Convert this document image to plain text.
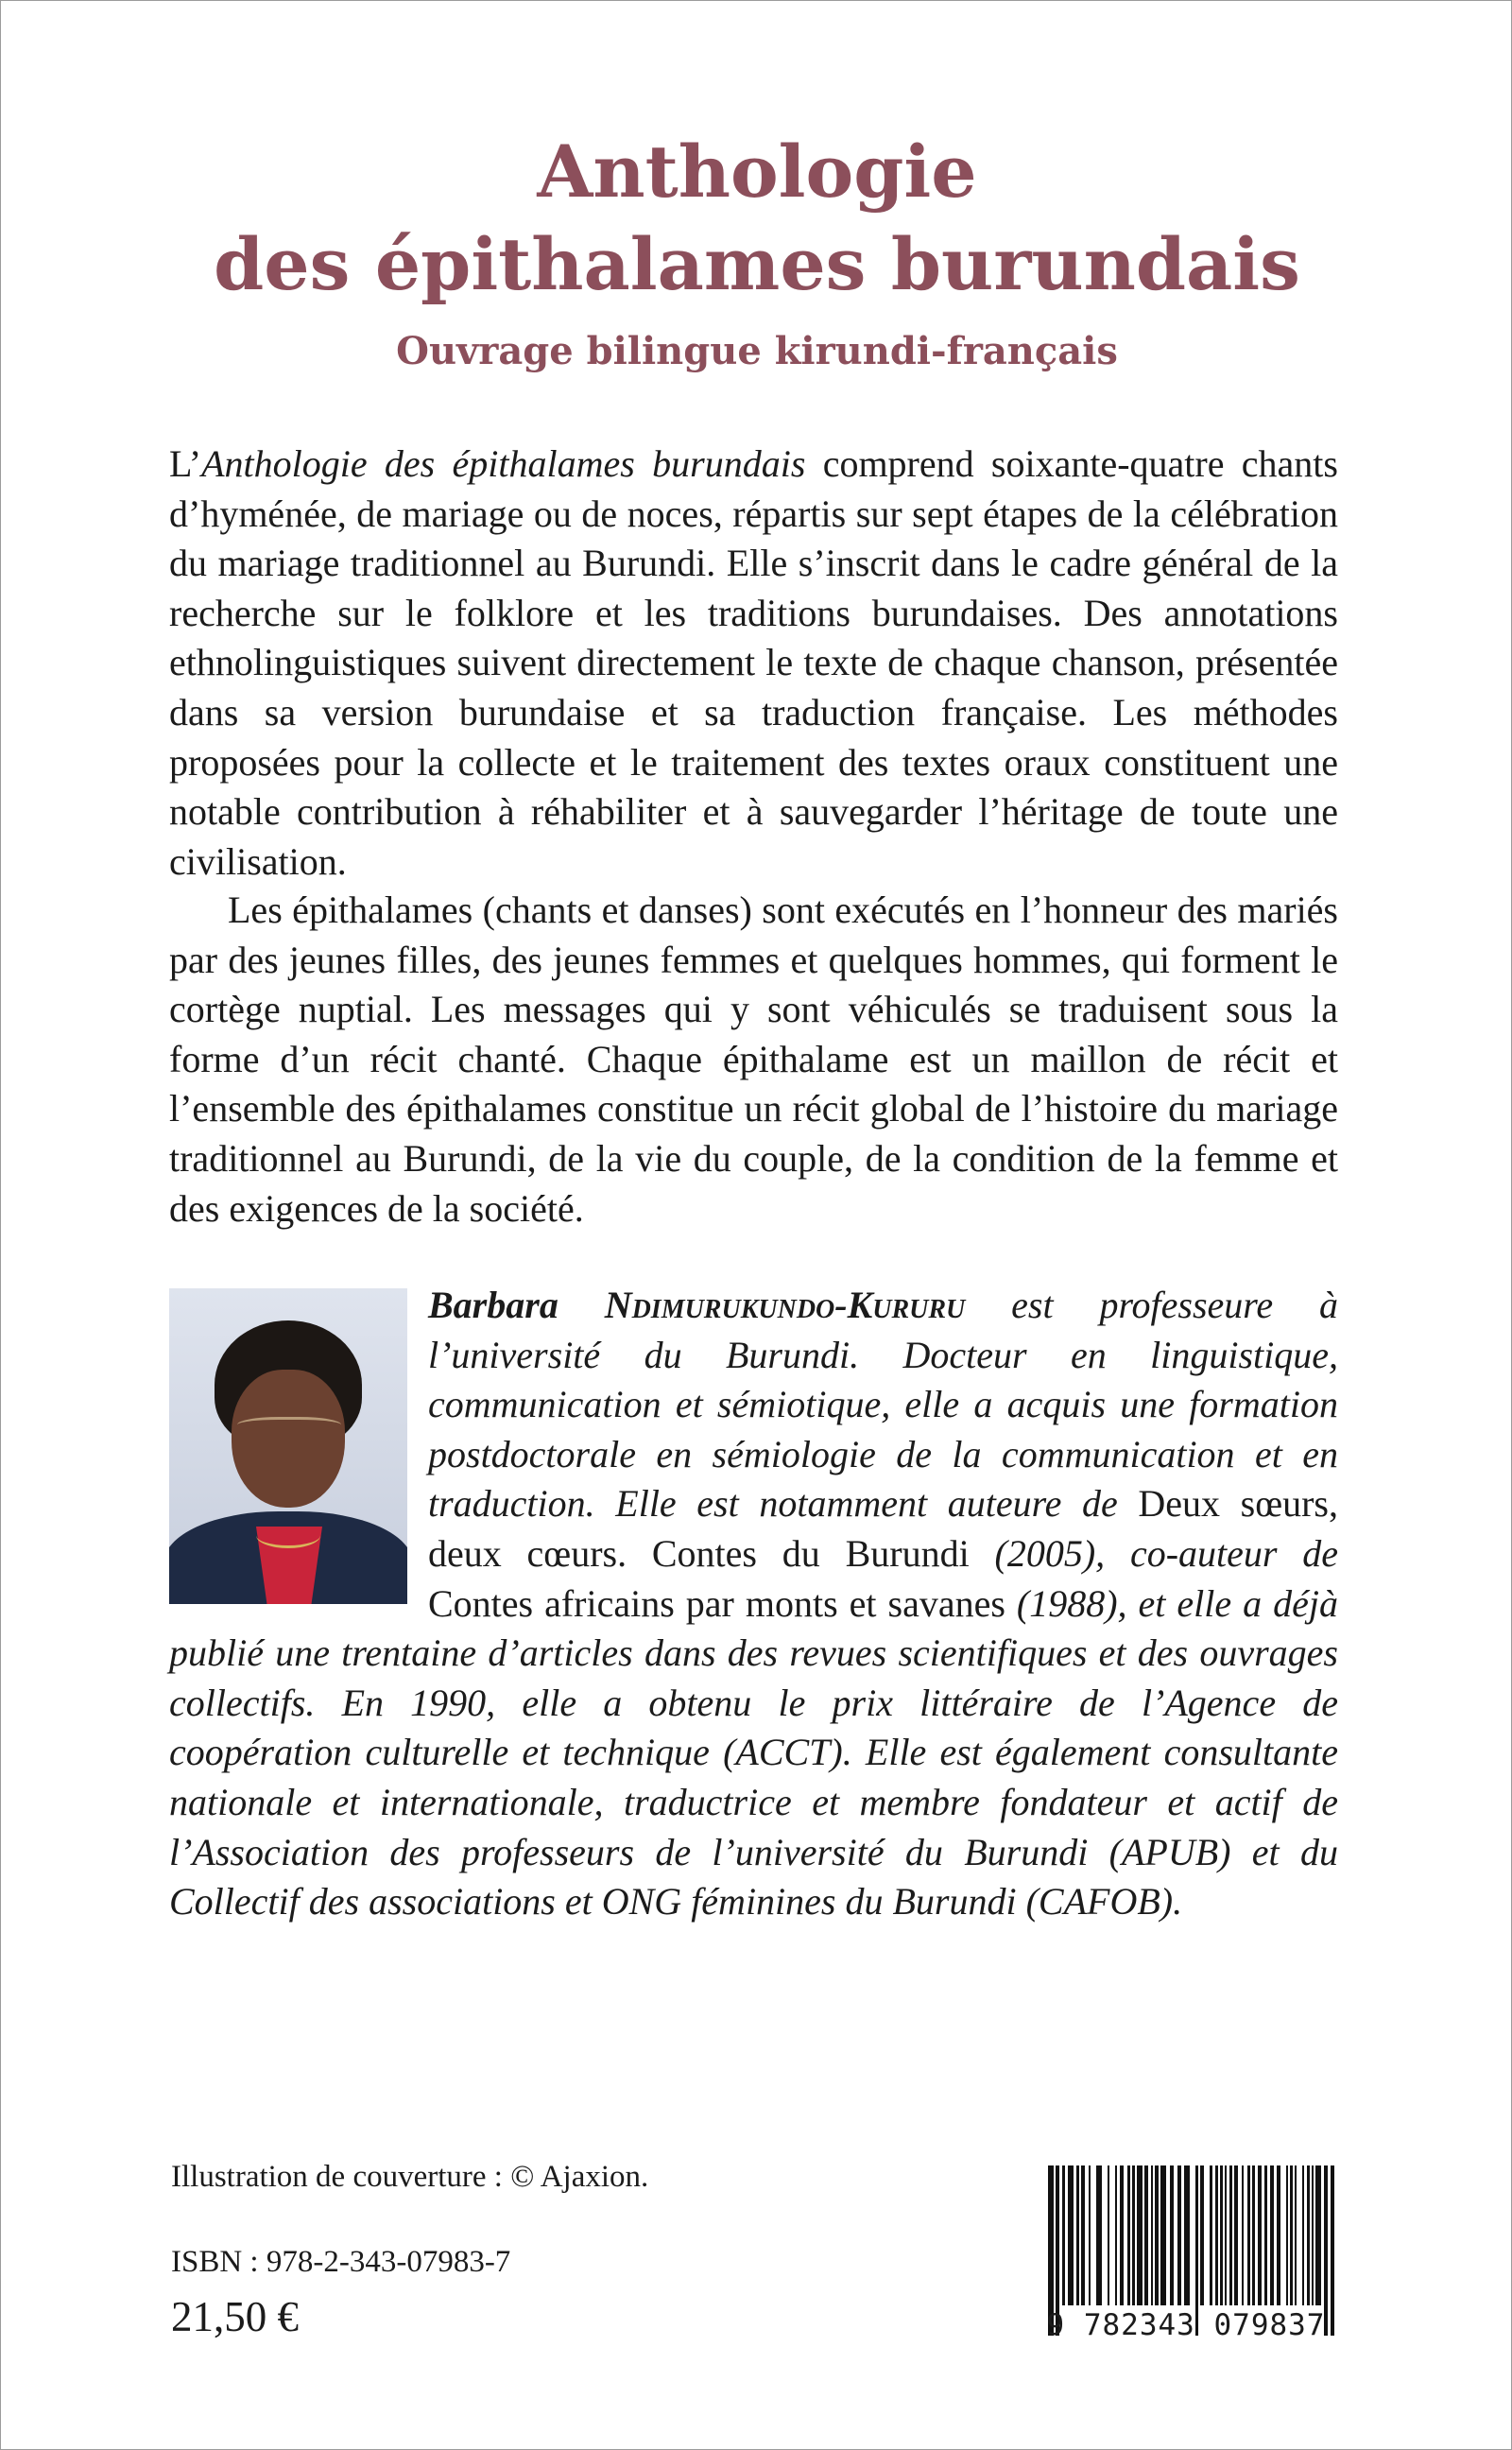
Anthologie
des épithalames burundais
Ouvrage bilingue kirundi-français
L’Anthologie des épithalames burundais comprend soixante-quatre chants d’hyménée, de mariage ou de noces, répartis sur sept étapes de la célébration du mariage traditionnel au Burundi. Elle s’inscrit dans le cadre général de la recherche sur le folklore et les traditions burundaises. Des annotations ethnolinguistiques suivent directement le texte de chaque chanson, présentée dans sa version burundaise et sa traduction française. Les méthodes proposées pour la collecte et le traitement des textes oraux constituent une notable contribution à réhabiliter et à sauvegarder l’héritage de toute une civilisation.
Les épithalames (chants et danses) sont exécutés en l’honneur des mariés par des jeunes filles, des jeunes femmes et quelques hommes, qui forment le cortège nuptial. Les messages qui y sont véhiculés se traduisent sous la forme d’un récit chanté. Chaque épithalame est un maillon de récit et l’ensemble des épithalames constitue un récit global de l’histoire du mariage traditionnel au Burundi, de la vie du couple, de la condition de la femme et des exigences de la société.
Barbara Ndimurukundo-Kururu est professeure à l’université du Burundi. Docteur en linguistique, communication et sémiotique, elle a acquis une formation postdoctorale en sémiologie de la communication et en traduction. Elle est notamment auteure de Deux sœurs, deux cœurs. Contes du Burundi (2005), co-auteur de Contes africains par monts et savanes (1988), et elle a déjà publié une trentaine d’articles dans des revues scientifiques et des ouvrages collectifs. En 1990, elle a obtenu le prix littéraire de l’Agence de coopération culturelle et technique (ACCT). Elle est également consultante nationale et internationale, traductrice et membre fondateur et actif de l’Association des professeurs de l’université du Burundi (APUB) et du Collectif des associations et ONG féminines du Burundi (CAFOB).
Illustration de couverture : © Ajaxion.
ISBN : 978-2-343-07983-7
21,50 €	9 782343 079837
